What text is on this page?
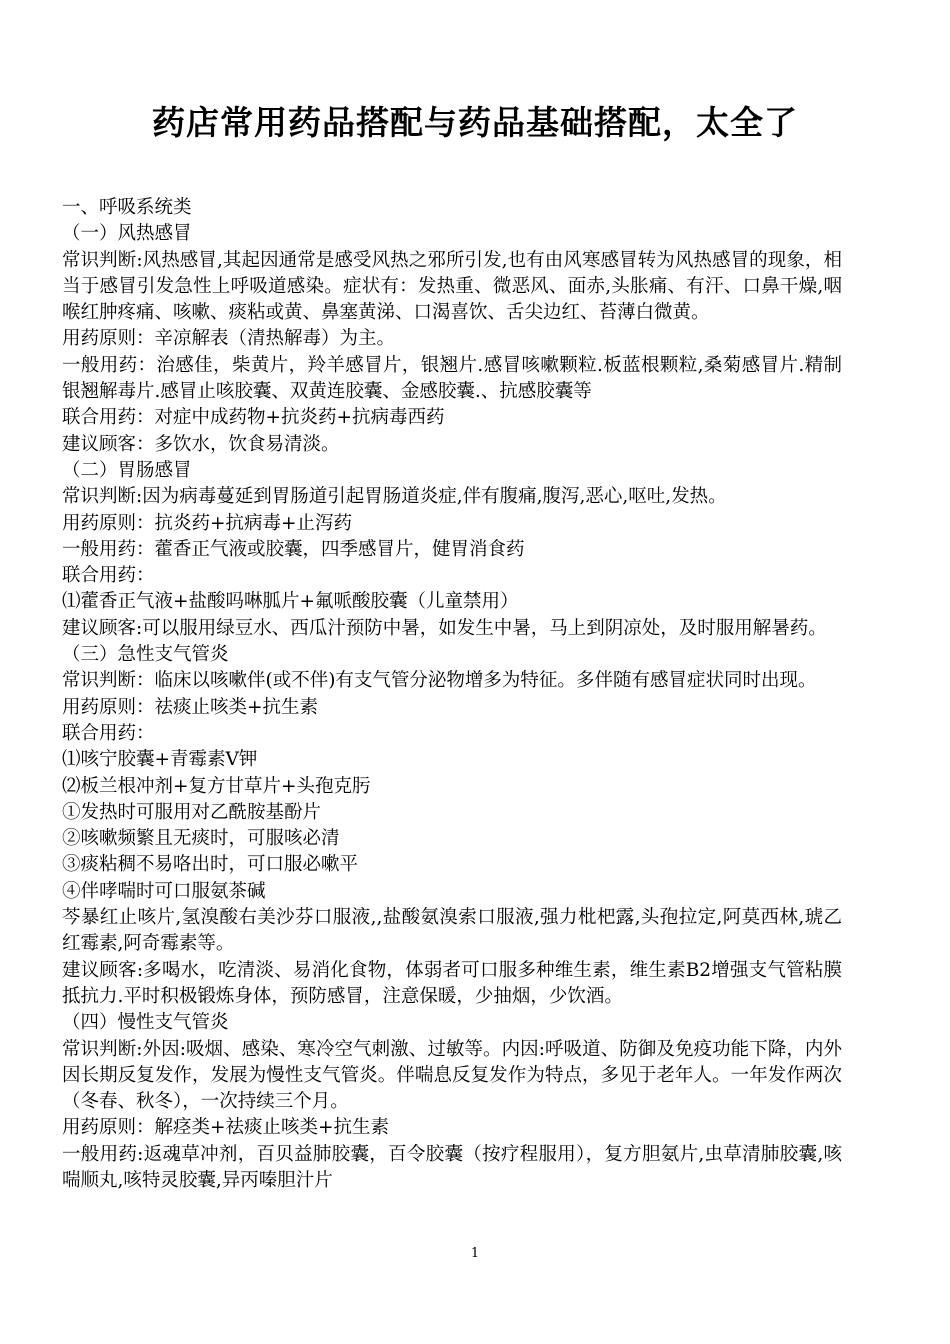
药店常用药品搭配与药品基础搭配，太全了

一、呼吸系统类

（一）风热感冒

常识判断:风热感冒,其起因通常是感受风热之邪所引发,也有由风寒感冒转为风热感冒的现象，相当于感冒引发急性上呼吸道感染。症状有：发热重、微恶风、面赤,头胀痛、有汗、口鼻干燥,咽喉红肿疼痛、咳嗽、痰粘或黄、鼻塞黄涕、口渴喜饮、舌尖边红、苔薄白微黄。

用药原则：辛凉解表（清热解毒）为主。

一般用药：治感佳，柴黄片，羚羊感冒片，银翘片.感冒咳嗽颗粒.板蓝根颗粒,桑菊感冒片.精制银翘解毒片.感冒止咳胶囊、双黄连胶囊、金感胶囊.、抗感胶囊等

联合用药：对症中成药物+抗炎药+抗病毒西药

建议顾客：多饮水，饮食易清淡。

（二）胃肠感冒

常识判断:因为病毒蔓延到胃肠道引起胃肠道炎症,伴有腹痛,腹泻,恶心,呕吐,发热。

用药原则：抗炎药+抗病毒+止泻药

一般用药：藿香正气液或胶囊，四季感冒片，健胃消食药

联合用药：

⑴藿香正气液+盐酸吗啉胍片+氟哌酸胶囊（儿童禁用）

建议顾客:可以服用绿豆水、西瓜汁预防中暑，如发生中暑，马上到阴凉处，及时服用解暑药。

（三）急性支气管炎

常识判断：临床以咳嗽伴(或不伴)有支气管分泌物增多为特征。多伴随有感冒症状同时出现。

用药原则：祛痰止咳类+抗生素

联合用药：

⑴咳宁胶囊+青霉素V钾

⑵板兰根冲剂+复方甘草片+头孢克肟

①发热时可服用对乙酰胺基酚片

②咳嗽频繁且无痰时，可服咳必清

③痰粘稠不易咯出时，可口服必嗽平

④伴哮喘时可口服氨茶碱

芩暴红止咳片,氢溴酸右美沙芬口服液,,盐酸氨溴索口服液,强力枇杷露,头孢拉定,阿莫西林,琥乙红霉素,阿奇霉素等。

建议顾客:多喝水，吃清淡、易消化食物，体弱者可口服多种维生素，维生素B2增强支气管粘膜抵抗力.平时积极锻炼身体，预防感冒，注意保暖，少抽烟，少饮酒。

（四）慢性支气管炎

常识判断:外因:吸烟、感染、寒冷空气刺激、过敏等。内因:呼吸道、防御及免疫功能下降，内外因长期反复发作，发展为慢性支气管炎。伴喘息反复发作为特点，多见于老年人。一年发作两次（冬春、秋冬），一次持续三个月。

用药原则：解痉类+祛痰止咳类+抗生素

一般用药:返魂草冲剂，百贝益肺胶囊，百令胶囊（按疗程服用），复方胆氨片,虫草清肺胶囊,咳喘顺丸,咳特灵胶囊,异丙嗪胆汁片

1
